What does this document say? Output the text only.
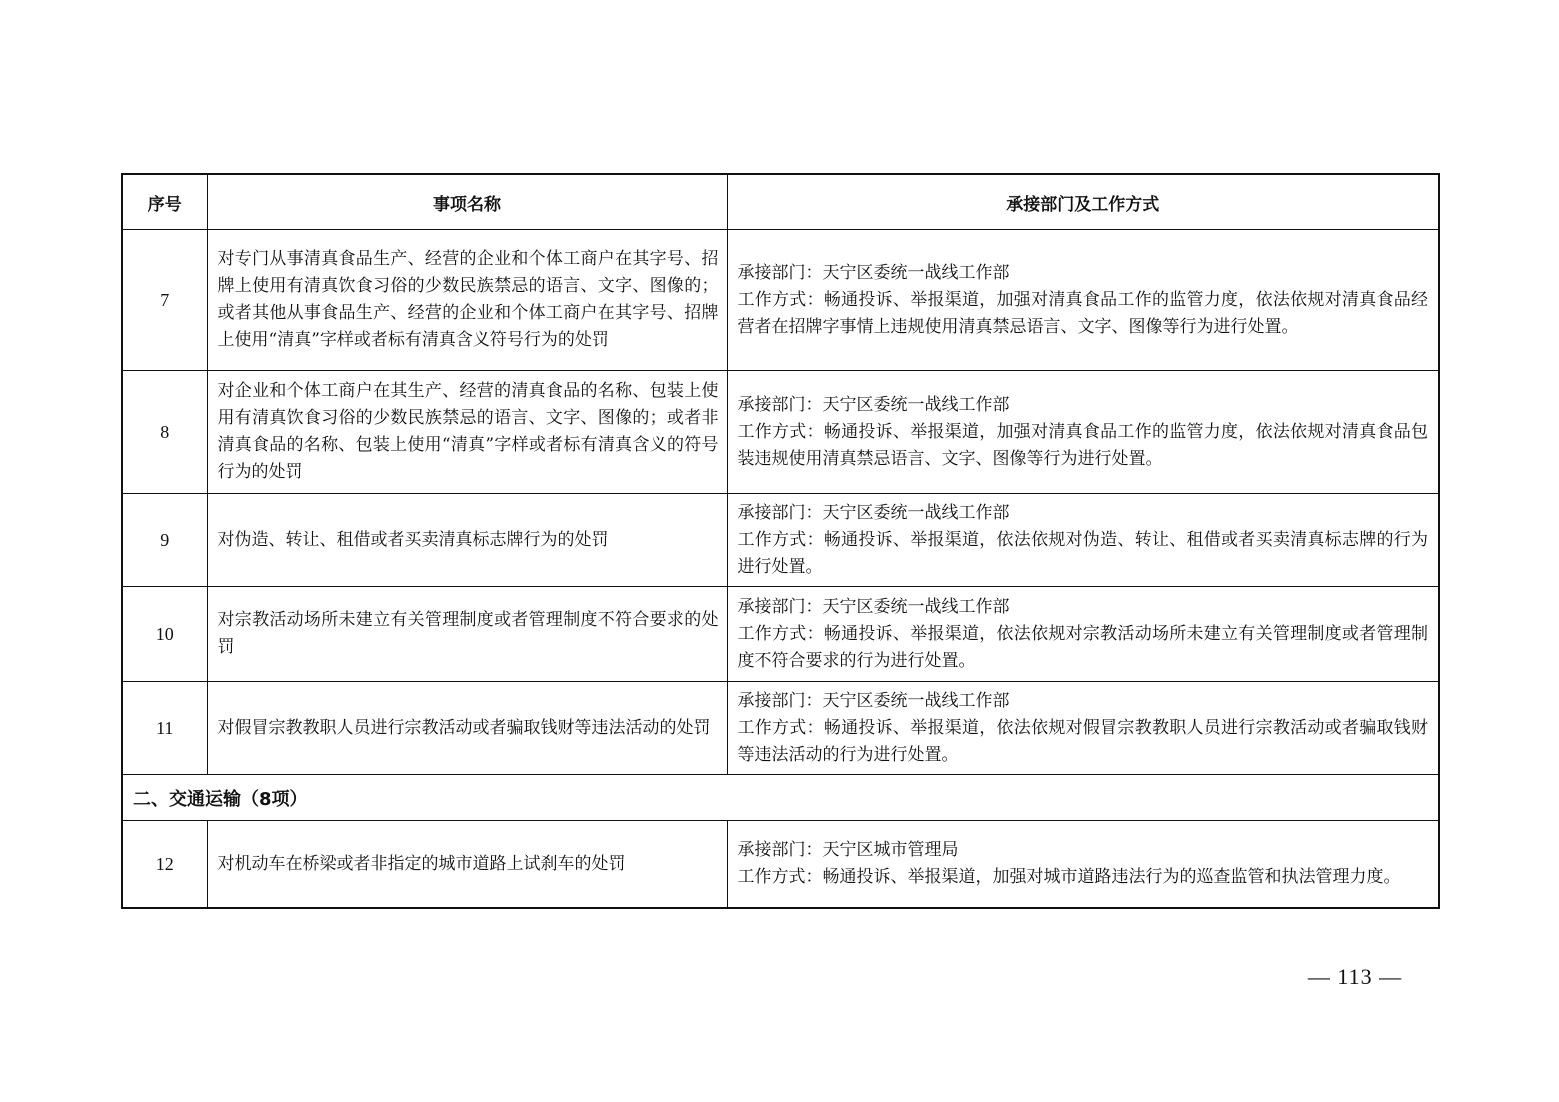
序号	事项名称	承接部门及工作方式
7	对专门从事清真食品生产、经营的企业和个体工商户在其字号、招牌上使用有清真饮食习俗的少数民族禁忌的语言、文字、图像的；或者其他从事食品生产、经营的企业和个体工商户在其字号、招牌上使用“清真”字样或者标有清真含义符号行为的处罚	承接部门：天宁区委统一战线工作部
工作方式：畅通投诉、举报渠道，加强对清真食品工作的监管力度，依法依规对清真食品经营者在招牌字事情上违规使用清真禁忌语言、文字、图像等行为进行处置。

8	对企业和个体工商户在其生产、经营的清真食品的名称、包装上使用有清真饮食习俗的少数民族禁忌的语言、文字、图像的；或者非清真食品的名称、包装上使用“清真”字样或者标有清真含义的符号行为的处罚	承接部门：天宁区委统一战线工作部
工作方式：畅通投诉、举报渠道，加强对清真食品工作的监管力度，依法依规对清真食品包装违规使用清真禁忌语言、文字、图像等行为进行处置。

9	对伪造、转让、租借或者买卖清真标志牌行为的处罚	承接部门：天宁区委统一战线工作部
工作方式：畅通投诉、举报渠道，依法依规对伪造、转让、租借或者买卖清真标志牌的行为进行处置。

10	对宗教活动场所未建立有关管理制度或者管理制度不符合要求的处罚	承接部门：天宁区委统一战线工作部
工作方式：畅通投诉、举报渠道，依法依规对宗教活动场所未建立有关管理制度或者管理制度不符合要求的行为进行处置。

11	对假冒宗教教职人员进行宗教活动或者骗取钱财等违法活动的处罚	承接部门：天宁区委统一战线工作部
工作方式：畅通投诉、举报渠道，依法依规对假冒宗教教职人员进行宗教活动或者骗取钱财等违法活动的行为进行处置。

二、交通运输（8项）		
12	对机动车在桥梁或者非指定的城市道路上试刹车的处罚	承接部门：天宁区城市管理局
工作方式：畅通投诉、举报渠道，加强对城市道路违法行为的巡查监管和执法管理力度。
— 113 —
